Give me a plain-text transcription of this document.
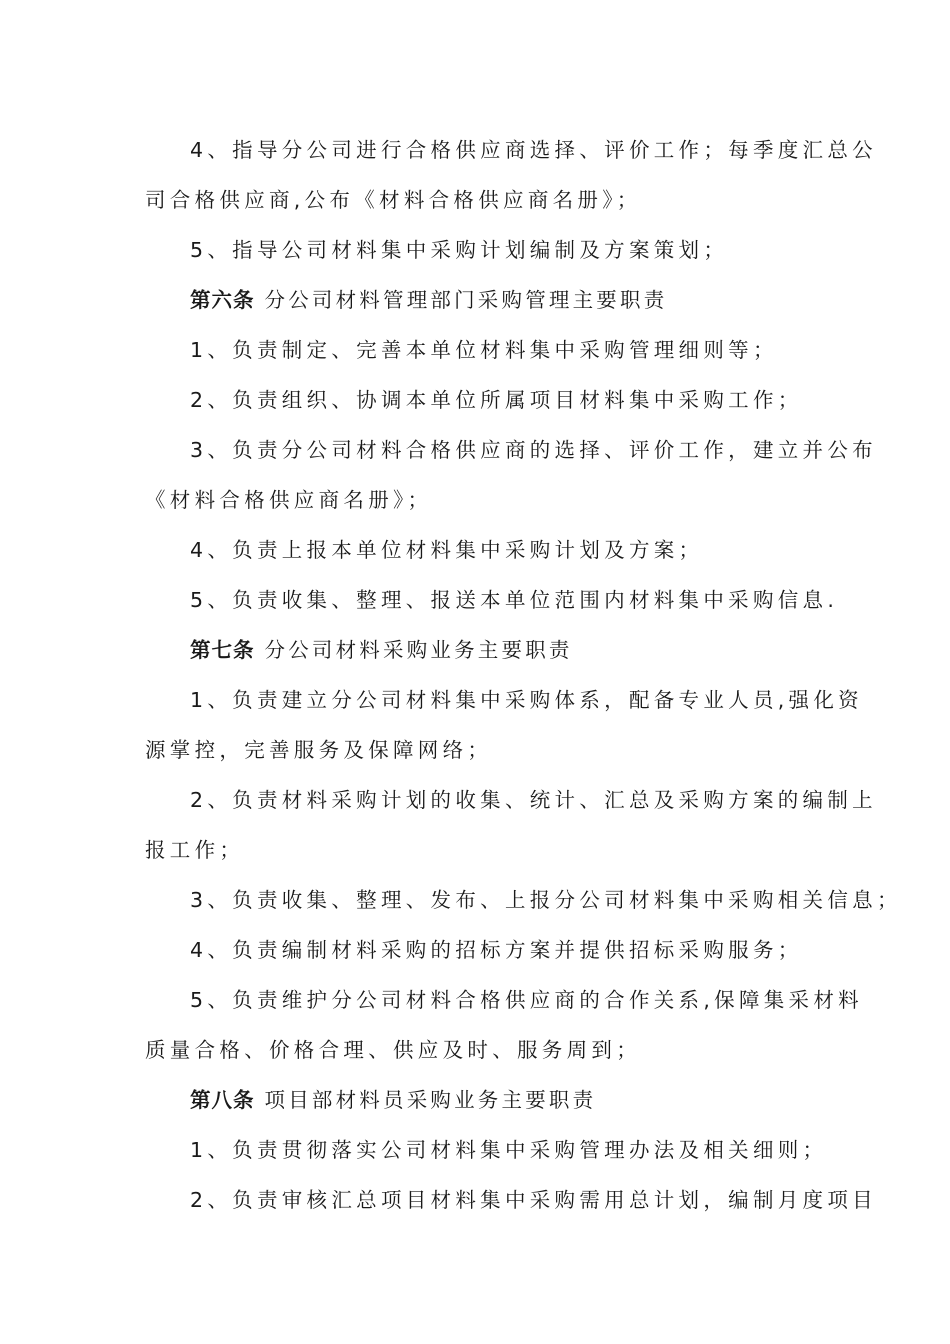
4、指导分公司进行合格供应商选择、评价工作；每季度汇总公
司合格供应商,公布《材料合格供应商名册》；
5、指导公司材料集中采购计划编制及方案策划；
第六条 分公司材料管理部门采购管理主要职责
1、负责制定、完善本单位材料集中采购管理细则等；
2、负责组织、协调本单位所属项目材料集中采购工作；
3、负责分公司材料合格供应商的选择、评价工作，建立并公布
《材料合格供应商名册》；
4、负责上报本单位材料集中采购计划及方案；
5、负责收集、整理、报送本单位范围内材料集中采购信息.
第七条 分公司材料采购业务主要职责
1、负责建立分公司材料集中采购体系，配备专业人员,强化资
源掌控，完善服务及保障网络；
2、负责材料采购计划的收集、统计、汇总及采购方案的编制上
报工作；
3、负责收集、整理、发布、上报分公司材料集中采购相关信息；
4、负责编制材料采购的招标方案并提供招标采购服务；
5、负责维护分公司材料合格供应商的合作关系,保障集采材料
质量合格、价格合理、供应及时、服务周到；
第八条 项目部材料员采购业务主要职责
1、负责贯彻落实公司材料集中采购管理办法及相关细则；
2、负责审核汇总项目材料集中采购需用总计划，编制月度项目
